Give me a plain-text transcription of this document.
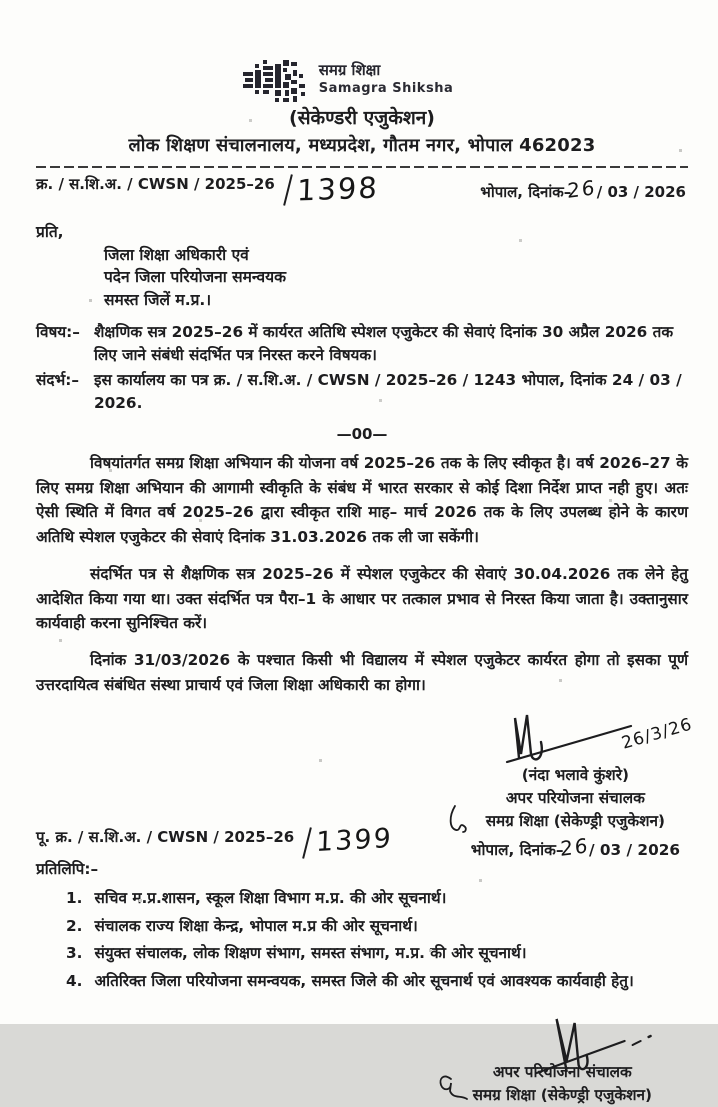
समग्र शिक्षा
Samagra Shiksha
(सेकेण्डरी एजुकेशन)
लोक शिक्षण संचालनालय, मध्यप्रदेश, गौतम नगर, भोपाल 462023
क्र. / स.शि.अ. / CWSN / 2025–26 1398	भोपाल, दिनांक–26/ 03 / 2026
प्रति,
जिला शिक्षा अधिकारी एवं
पदेन जिला परियोजना समन्वयक
समस्त जिलें म.प्र.।
विषय:– शैक्षणिक सत्र 2025–26 में कार्यरत अतिथि स्पेशल एजुकेटर की सेवाएं दिनांक 30 अप्रैल 2026 तक लिए जाने संबंधी संदर्भित पत्र निरस्त करने विषयक।
संदर्भ:– इस कार्यालय का पत्र क्र. / स.शि.अ. / CWSN / 2025–26 / 1243 भोपाल, दिनांक 24 / 03 / 2026.
—00—

विषयांतर्गत समग्र शिक्षा अभियान की योजना वर्ष 2025–26 तक के लिए स्वीकृत है। वर्ष 2026–27 के लिए समग्र शिक्षा अभियान की आगामी स्वीकृति के संबंध में भारत सरकार से कोई दिशा निर्देश प्राप्त नही हुए। अतः ऐसी स्थिति में विगत वर्ष 2025–26 द्वारा स्वीकृत राशि माह– मार्च 2026 तक के लिए उपलब्ध होने के कारण अतिथि स्पेशल एजुकेटर की सेवाएं दिनांक 31.03.2026 तक ली जा सकेंगी।

संदर्भित पत्र से शैक्षणिक सत्र 2025–26 में स्पेशल एजुकेटर की सेवाएं 30.04.2026 तक लेने हेतु आदेशित किया गया था। उक्त संदर्भित पत्र पैरा–1 के आधार पर तत्काल प्रभाव से निरस्त किया जाता है। उक्तानुसार कार्यवाही करना सुनिश्चित करें।

दिनांक 31/03/2026 के पश्चात किसी भी विद्यालय में स्पेशल एजुकेटर कार्यरत होगा तो इसका पूर्ण उत्तरदायित्व संबंधित संस्था प्राचार्य एवं जिला शिक्षा अधिकारी का होगा।

26/3/26
(नंदा भलावे कुंशरे)
अपर परियोजना संचालक
समग्र शिक्षा (सेकेण्ड्री एजुकेशन)
भोपाल, दिनांक–26/ 03 / 2026
पू. क्र. / स.शि.अ. / CWSN / 2025–26 1399
प्रतिलिपि:–
1. सचिव म.प्र.शासन, स्कूल शिक्षा विभाग म.प्र. की ओर सूचनार्थ।
2. संचालक राज्य शिक्षा केन्द्र, भोपाल म.प्र की ओर सूचनार्थ।
3. संयुक्त संचालक, लोक शिक्षण संभाग, समस्त संभाग, म.प्र. की ओर सूचनार्थ।
4. अतिरिक्त जिला परियोजना समन्वयक, समस्त जिले की ओर सूचनार्थ एवं आवश्यक कार्यवाही हेतु।
अपर परियोजना संचालक
समग्र शिक्षा (सेकेण्ड्री एजुकेशन)
